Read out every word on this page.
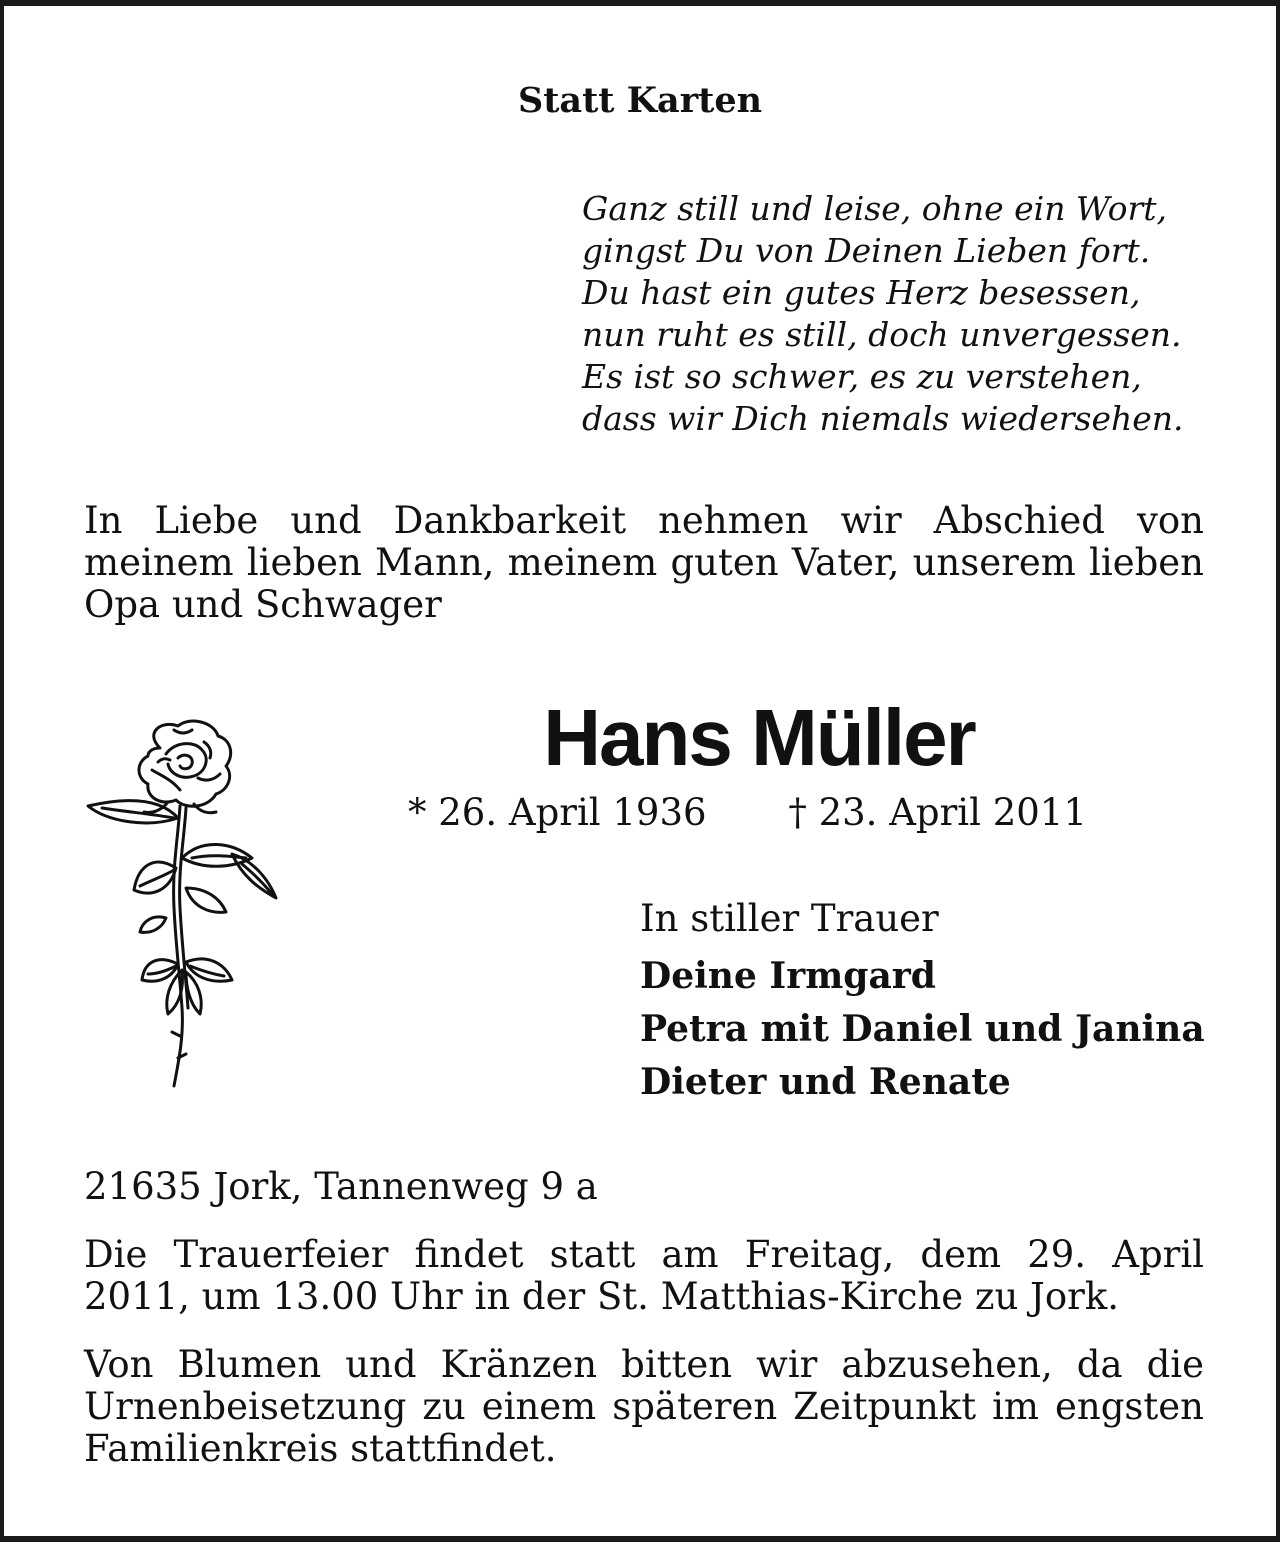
Statt Karten
Ganz still und leise, ohne ein Wort,
gingst Du von Deinen Lieben fort.
Du hast ein gutes Herz besessen,
nun ruht es still, doch unvergessen.
Es ist so schwer, es zu verstehen,
dass wir Dich niemals wiedersehen.

In Liebe und Dankbarkeit nehmen wir Abschied von meinem lieben Mann, meinem guten Vater, unserem lieben Opa und Schwager

Hans Müller
* 26. April 1936 † 23. April 2011
In stiller Trauer
Deine Irmgard
Petra mit Daniel und Janina
Dieter und Renate
21635 Jork, Tannenweg 9 a

Die Trauerfeier findet statt am Freitag, dem 29. April 2011, um 13.00 Uhr in der St. Matthias-Kirche zu Jork.

Von Blumen und Kränzen bitten wir abzusehen, da die Urnenbeisetzung zu einem späteren Zeitpunkt im engsten Familienkreis stattfindet.
